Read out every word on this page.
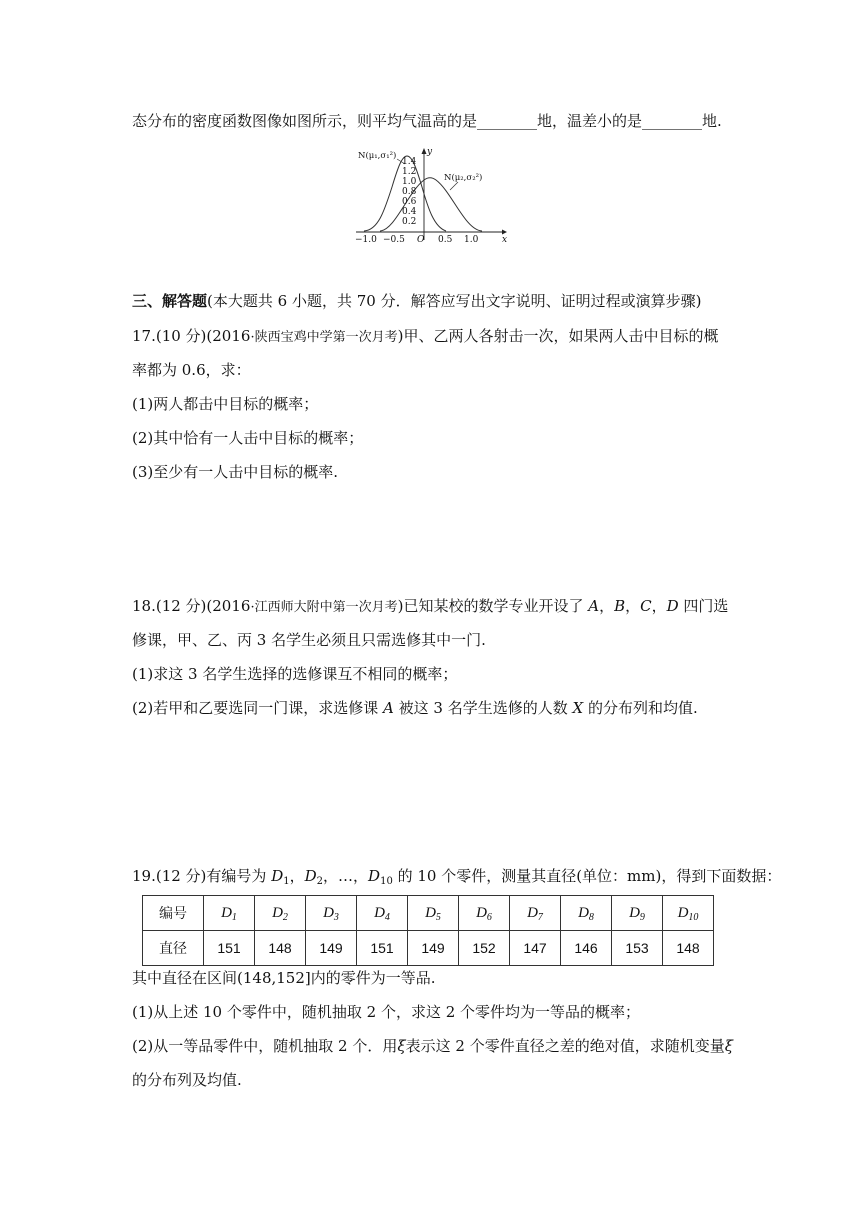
态分布的密度函数图像如图所示，则平均气温高的是________地，温差小的是________地.
N(μ₁,σ₁²)
N(μ₂,σ₂²)
y
x
O
1.4
1.2
1.0
0.8
0.6
0.4
0.2
−1.0 −0.5	0.5 1.0
三、解答题(本大题共 6 小题，共 70 分．解答应写出文字说明、证明过程或演算步骤)
17.(10 分)(2016·陕西宝鸡中学第一次月考)甲、乙两人各射击一次，如果两人击中目标的概
率都为 0.6，求：
(1)两人都击中目标的概率；
(2)其中恰有一人击中目标的概率；
(3)至少有一人击中目标的概率.
18.(12 分)(2016·江西师大附中第一次月考)已知某校的数学专业开设了 A，B，C，D 四门选
修课，甲、乙、丙 3 名学生必须且只需选修其中一门.
(1)求这 3 名学生选择的选修课互不相同的概率；
(2)若甲和乙要选同一门课，求选修课 A 被这 3 名学生选修的人数 X 的分布列和均值.
19.(12 分)有编号为 $D_1$，$D_2$，…，$D_{10}$ 的 10 个零件，测量其直径(单位：mm)，得到下面数据：
编号	$D_1$	$D_2$	$D_3$	$D_4$	$D_5$	$D_6$	$D_7$	$D_8$	$D_9$	$D_{10}$
直径	151	148	149	151	149	152	147	146	153	148
其中直径在区间(148,152]内的零件为一等品.
(1)从上述 10 个零件中，随机抽取 2 个，求这 2 个零件均为一等品的概率；
(2)从一等品零件中，随机抽取 2 个．用ξ表示这 2 个零件直径之差的绝对值，求随机变量ξ
的分布列及均值.
